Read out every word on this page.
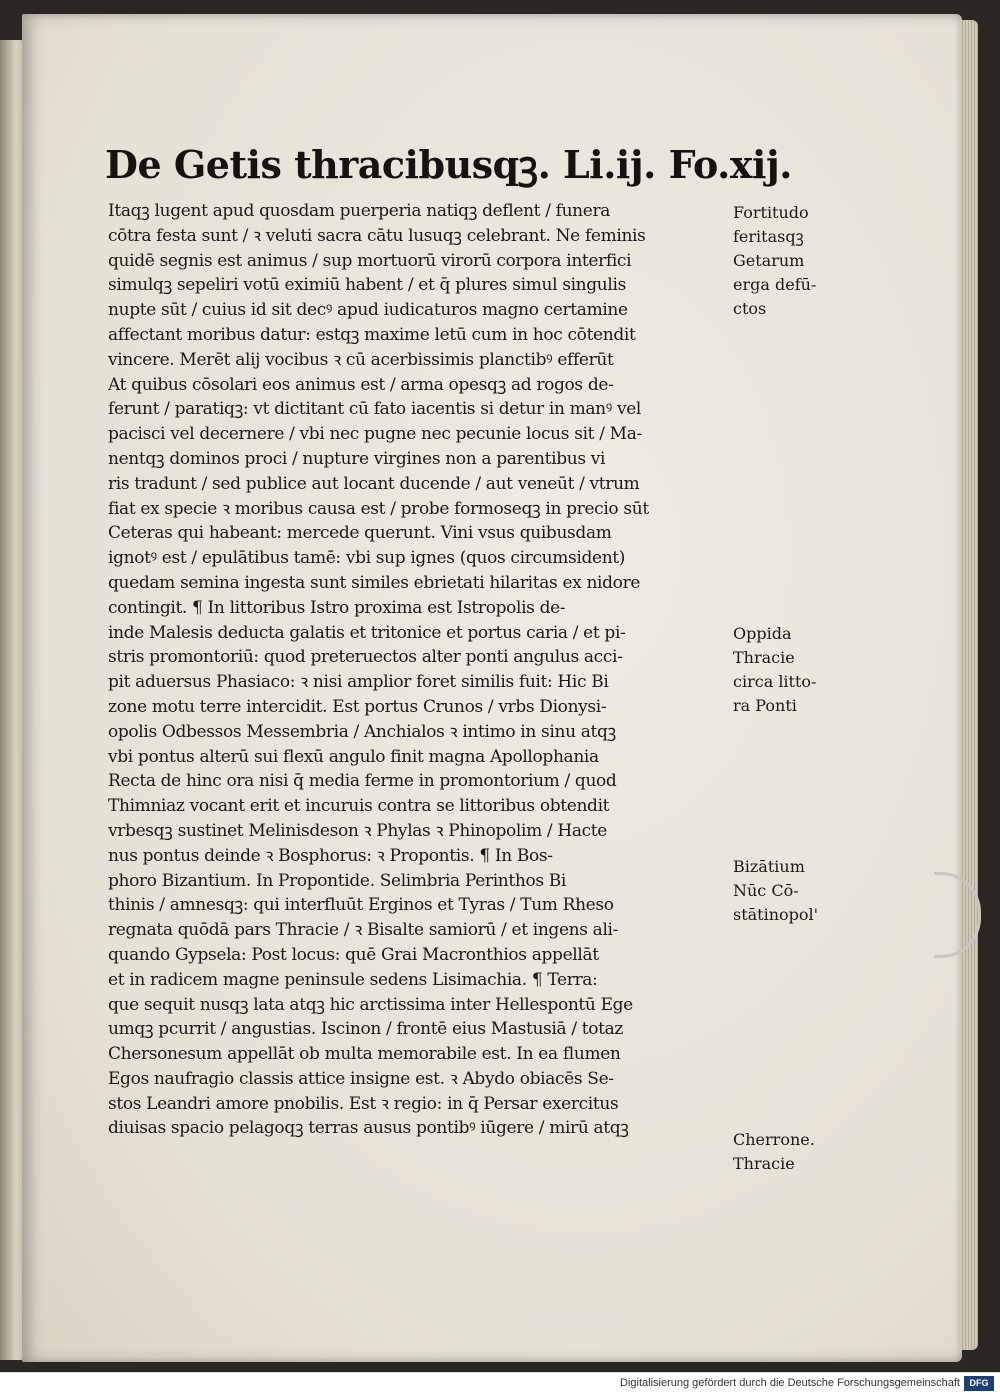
De Getis thracibusqꝫ. Li.ij. Fo.xij.
Itaqꝫ lugent apud quosdam puerperia natiqꝫ deflent / funera
cōtra festa sunt / ꝛ veluti sacra cātu lusuqꝫ celebrant. Ne feminis
quidē segnis est animus / sup mortuorū virorū corpora interfici
simulqꝫ sepeliri votū eximiū habent / et q̄ plures simul singulis
nupte sūt / cuius id sit decꝰ apud iudicaturos magno certamine
affectant moribus datur: estqꝫ maxime letū cum in hoc cōtendit
vincere. Merēt alij vocibus ꝛ cū acerbissimis planctibꝰ efferūt
At quibus cōsolari eos animus est / arma opesqꝫ ad rogos de-
ferunt / paratiqꝫ: vt dictitant cū fato iacentis si detur in manꝰ vel
pacisci vel decernere / vbi nec pugne nec pecunie locus sit / Ma-
nentqꝫ dominos proci / nupture virgines non a parentibus vi
ris tradunt / sed publice aut locant ducende / aut veneūt / vtrum
fiat ex specie ꝛ moribus causa est / probe formoseqꝫ in precio sūt
Ceteras qui habeant: mercede querunt. Vini vsus quibusdam
ignotꝰ est / epulātibus tamē: vbi sup ignes (quos circumsident)
quedam semina ingesta sunt similes ebrietati hilaritas ex nidore
contingit. ¶ In littoribus Istro proxima est Istropolis de-
inde Malesis deducta galatis et tritonice et portus caria / et pi-
stris promontoriū: quod preteruectos alter ponti angulus acci-
pit aduersus Phasiaco: ꝛ nisi amplior foret similis fuit: Hic Bi
zone motu terre intercidit. Est portus Crunos / vrbs Dionysi-
opolis Odbessos Messembria / Anchialos ꝛ intimo in sinu atqꝫ
vbi pontus alterū sui flexū angulo finit magna Apollophania
Recta de hinc ora nisi q̄ media ferme in promontorium / quod
Thimniaz vocant erit et incuruis contra se littoribus obtendit
vrbesqꝫ sustinet Melinisdeson ꝛ Phylas ꝛ Phinopolim / Hacte
nus pontus deinde ꝛ Bosphorus: ꝛ Propontis. ¶ In Bos-
phoro Bizantium. In Propontide. Selimbria Perinthos Bi
thinis / amnesqꝫ: qui interfluūt Erginos et Tyras / Tum Rheso
regnata quōdā pars Thracie / ꝛ Bisalte samiorū / et ingens ali-
quando Gypsela: Post locus: quē Grai Macronthios appellāt
et in radicem magne peninsule sedens Lisimachia. ¶ Terra:
que sequit nusqꝫ lata atqꝫ hic arctissima inter Hellespontū Ege
umqꝫ pcurrit / angustias. Iscinon / frontē eius Mastusiā / totaz
Chersonesum appellāt ob multa memorabile est. In ea flumen
Egos naufragio classis attice insigne est. ꝛ Abydo obiacēs Se-
stos Leandri amore pnobilis. Est ꝛ regio: in q̄ Persar exercitus
diuisas spacio pelagoqꝫ terras ausus pontibꝰ iūgere / mirū atqꝫ
Fortitudo
feritasqꝫ
Getarum
erga defū-
ctos
Oppida
Thracie
circa litto-
ra Ponti
Bizātium
Nūc Cō-
stātinopol'
Cherrone.
Thracie
Digitalisierung gefördert durch die Deutsche Forschungsgemeinschaft	DFG
